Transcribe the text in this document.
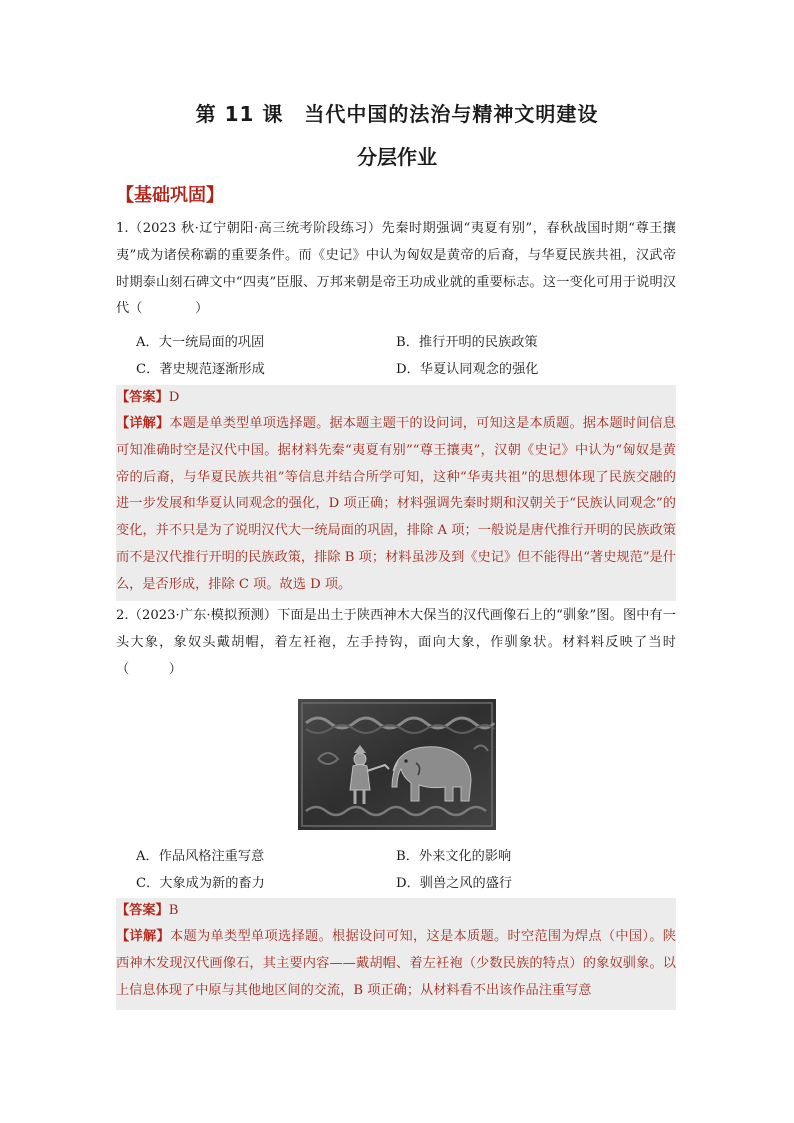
第 11 课　当代中国的法治与精神文明建设
分层作业
【基础巩固】
1.（2023 秋·辽宁朝阳·高三统考阶段练习）先秦时期强调“夷夏有别”，春秋战国时期“尊王攘夷”成为诸侯称霸的重要条件。而《史记》中认为匈奴是黄帝的后裔，与华夏民族共祖，汉武帝时期泰山刻石碑文中“四夷”臣服、万邦来朝是帝王功成业就的重要标志。这一变化可用于说明汉代（　　　　）
A．大一统局面的巩固	B．推行开明的民族政策
C．著史规范逐渐形成	D．华夏认同观念的强化
【答案】D
【详解】本题是单类型单项选择题。据本题主题干的设问词，可知这是本质题。据本题时间信息可知准确时空是汉代中国。据材料先秦“夷夏有别”“尊王攘夷”，汉朝《史记》中认为“匈奴是黄帝的后裔，与华夏民族共祖”等信息并结合所学可知，这种“华夷共祖”的思想体现了民族交融的进一步发展和华夏认同观念的强化，D 项正确；材料强调先秦时期和汉朝关于“民族认同观念”的变化，并不只是为了说明汉代大一统局面的巩固，排除 A 项；一般说是唐代推行开明的民族政策而不是汉代推行开明的民族政策，排除 B 项；材料虽涉及到《史记》但不能得出“著史规范”是什么，是否形成，排除 C 项。故选 D 项。
2.（2023·广东·模拟预测）下面是出土于陕西神木大保当的汉代画像石上的“驯象”图。图中有一头大象，象奴头戴胡帽，着左衽袍，左手持钩，面向大象，作驯象状。材料料反映了当时（　　　）
A．作品风格注重写意	B．外来文化的影响
C．大象成为新的畜力	D．驯兽之风的盛行
【答案】B
【详解】本题为单类型单项选择题。根据设问可知，这是本质题。时空范围为焊点（中国）。陕西神木发现汉代画像石，其主要内容——戴胡帽、着左衽袍（少数民族的特点）的象奴驯象。以上信息体现了中原与其他地区间的交流，B 项正确；从材料看不出该作品注重写意
